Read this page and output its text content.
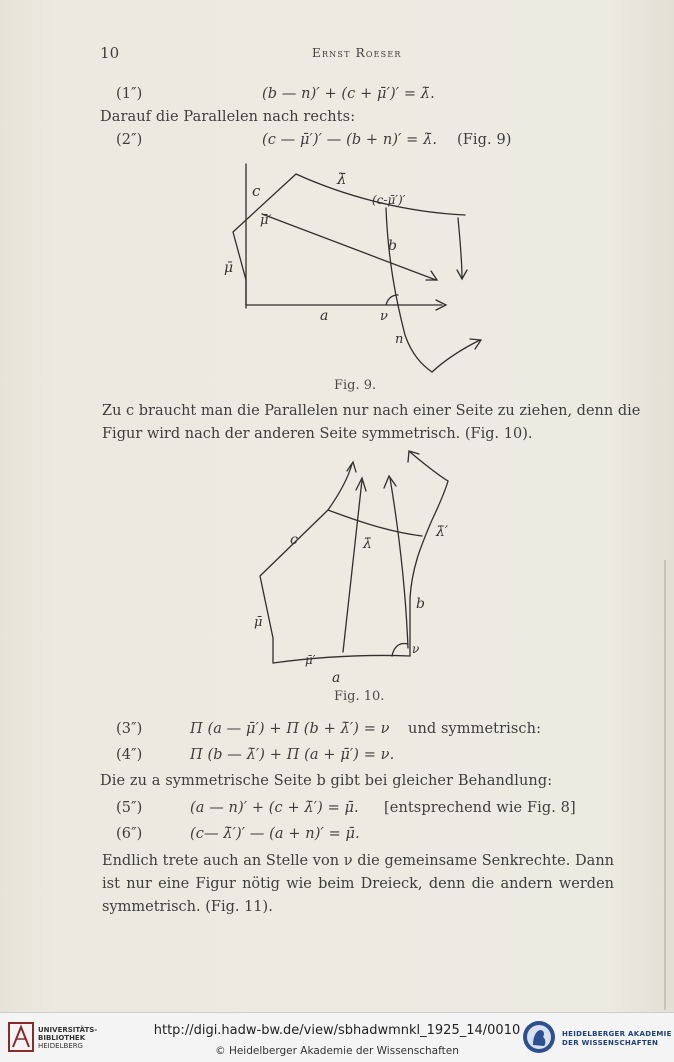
10	Ernst Roeser
(1″)	(b — n)′ + (c + μ̄′)′ = λ̄.
Darauf die Parallelen nach rechts:
(2″)	(c — μ̄′)′ — (b + n)′ = λ̄. (Fig. 9)
c
λ̄
(c-μ̄′)′
μ̄′
b
μ̄
a	ν
n
Fig. 9.
Zu c braucht man die Parallelen nur nach einer Seite zu ziehen, denn die
Figur wird nach der anderen Seite symmetrisch. (Fig. 10).
c	λ̄
λ̄′
μ̄
b
μ̄′
ν
a
Fig. 10.
(3″)	Π (a — μ̄′) + Π (b + λ̄′) = ν und symmetrisch:
(4″)	Π (b — λ̄′) + Π (a + μ̄′) = ν.
Die zu a symmetrische Seite b gibt bei gleicher Behandlung:
(5″)	(a — n)′ + (c + λ̄′) = μ̄. [entsprechend wie Fig. 8]
(6″)	(c— λ̄′)′ — (a + n)′ = μ̄.
Endlich trete auch an Stelle von ν die gemeinsame Senkrechte. Dann
ist nur eine Figur nötig wie beim Dreieck, denn die andern werden
symmetrisch. (Fig. 11).
UNIVERSITÄTS-
BIBLIOTHEK
HEIDELBERG
http://digi.hadw-bw.de/view/sbhadwmnkl_1925_14/0010
© Heidelberger Akademie der Wissenschaften
HEIDELBERGER AKADEMIE
DER WISSENSCHAFTEN
